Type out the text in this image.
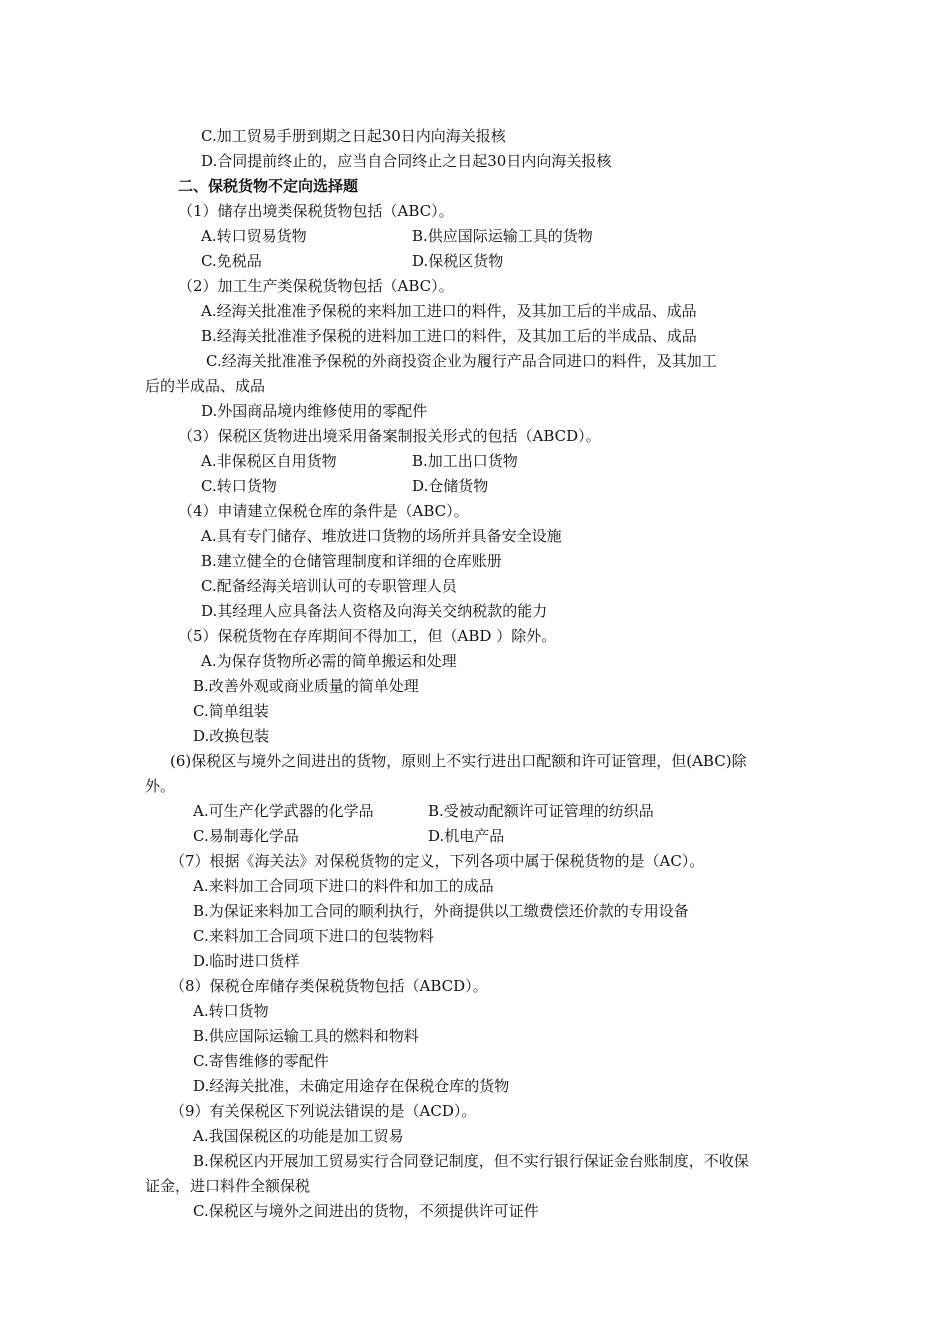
C.加工贸易手册到期之日起30日内向海关报核
D.合同提前终止的，应当自合同终止之日起30日内向海关报核
二、保税货物不定向选择题
（1）储存出境类保税货物包括（ABC）。
A.转口贸易货物	B.供应国际运输工具的货物
C.免税品	D.保税区货物
（2）加工生产类保税货物包括（ABC）。
A.经海关批准准予保税的来料加工进口的料件，及其加工后的半成品、成品
B.经海关批准准予保税的进料加工进口的料件，及其加工后的半成品、成品
C.经海关批准准予保税的外商投资企业为履行产品合同进口的料件，及其加工
后的半成品、成品
D.外国商品境内维修使用的零配件
（3）保税区货物进出境采用备案制报关形式的包括（ABCD）。
A.非保税区自用货物	B.加工出口货物
C.转口货物	D.仓储货物
（4）申请建立保税仓库的条件是（ABC）。
A.具有专门储存、堆放进口货物的场所并具备安全设施
B.建立健全的仓储管理制度和详细的仓库账册
C.配备经海关培训认可的专职管理人员
D.其经理人应具备法人资格及向海关交纳税款的能力
（5）保税货物在存库期间不得加工，但（ABD ）除外。
A.为保存货物所必需的简单搬运和处理
B.改善外观或商业质量的简单处理
C.简单组装
D.改换包装
(6)保税区与境外之间进出的货物，原则上不实行进出口配额和许可证管理，但(ABC)除
外。
A.可生产化学武器的化学品	B.受被动配额许可证管理的纺织品
C.易制毒化学品	D.机电产品
（7）根据《海关法》对保税货物的定义，下列各项中属于保税货物的是（AC）。
A.来料加工合同项下进口的料件和加工的成品
B.为保证来料加工合同的顺利执行，外商提供以工缴费偿还价款的专用设备
C.来料加工合同项下进口的包装物料
D.临时进口货样
（8）保税仓库储存类保税货物包括（ABCD）。
A.转口货物
B.供应国际运输工具的燃料和物料
C.寄售维修的零配件
D.经海关批准，未确定用途存在保税仓库的货物
（9）有关保税区下列说法错误的是（ACD）。
A.我国保税区的功能是加工贸易
B.保税区内开展加工贸易实行合同登记制度，但不实行银行保证金台账制度，不收保
证金，进口料件全额保税
C.保税区与境外之间进出的货物，不须提供许可证件
